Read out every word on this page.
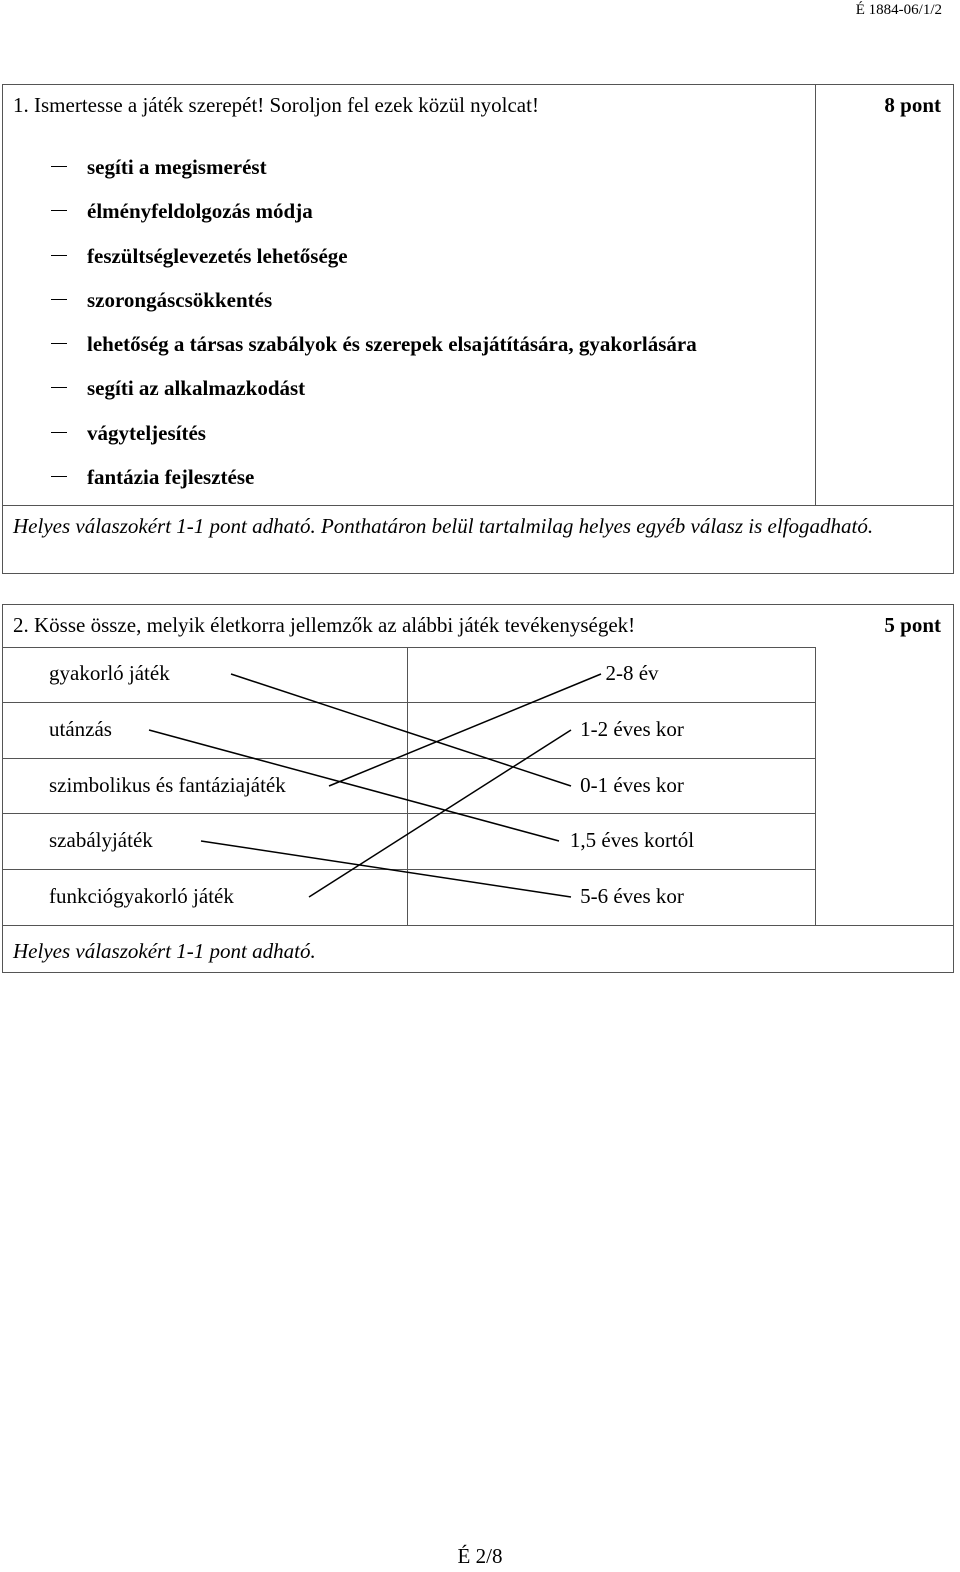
É 1884-06/1/2
1. Ismertesse a játék szerepét! Soroljon fel ezek közül nyolcat!	8 pont
segíti a megismerést
élményfeldolgozás módja
feszültséglevezetés lehetősége
szorongáscsökkentés
lehetőség a társas szabályok és szerepek elsajátítására, gyakorlására
segíti az alkalmazkodást
vágyteljesítés
fantázia fejlesztése
Helyes válaszokért 1-1 pont adható. Ponthatáron belül tartalmilag helyes egyéb válasz is elfogadható.
2. Kösse össze, melyik életkorra jellemzők az alábbi játék tevékenységek!	5 pont
gyakorló játék
utánzás
szimbolikus és fantáziajáték
szabályjáték
funkciógyakorló játék
2-8 év
1-2 éves kor
0-1 éves kor
1,5 éves kortól
5-6 éves kor
Helyes válaszokért 1-1 pont adható.
É 2/8
